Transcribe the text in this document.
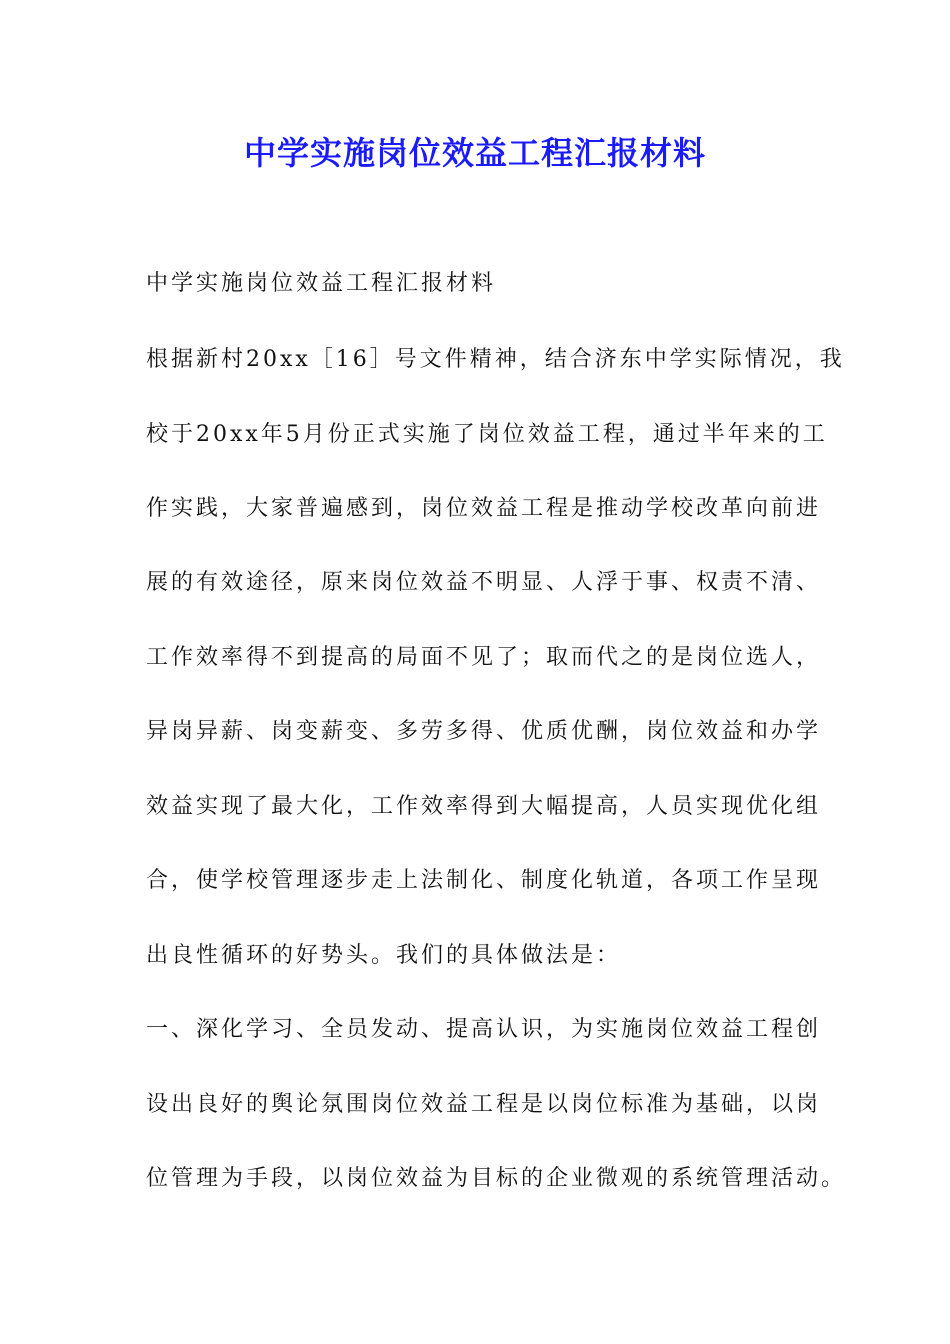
中学实施岗位效益工程汇报材料
中学实施岗位效益工程汇报材料
根据新村20xx［16］号文件精神，结合济东中学实际情况，我
校于20xx年5月份正式实施了岗位效益工程，通过半年来的工
作实践，大家普遍感到，岗位效益工程是推动学校改革向前进
展的有效途径，原来岗位效益不明显、人浮于事、权责不清、
工作效率得不到提高的局面不见了；取而代之的是岗位选人，
异岗异薪、岗变薪变、多劳多得、优质优酬，岗位效益和办学
效益实现了最大化，工作效率得到大幅提高，人员实现优化组
合，使学校管理逐步走上法制化、制度化轨道，各项工作呈现
出良性循环的好势头。我们的具体做法是：
一、深化学习、全员发动、提高认识，为实施岗位效益工程创
设出良好的舆论氛围岗位效益工程是以岗位标准为基础，以岗
位管理为手段，以岗位效益为目标的企业微观的系统管理活动。
